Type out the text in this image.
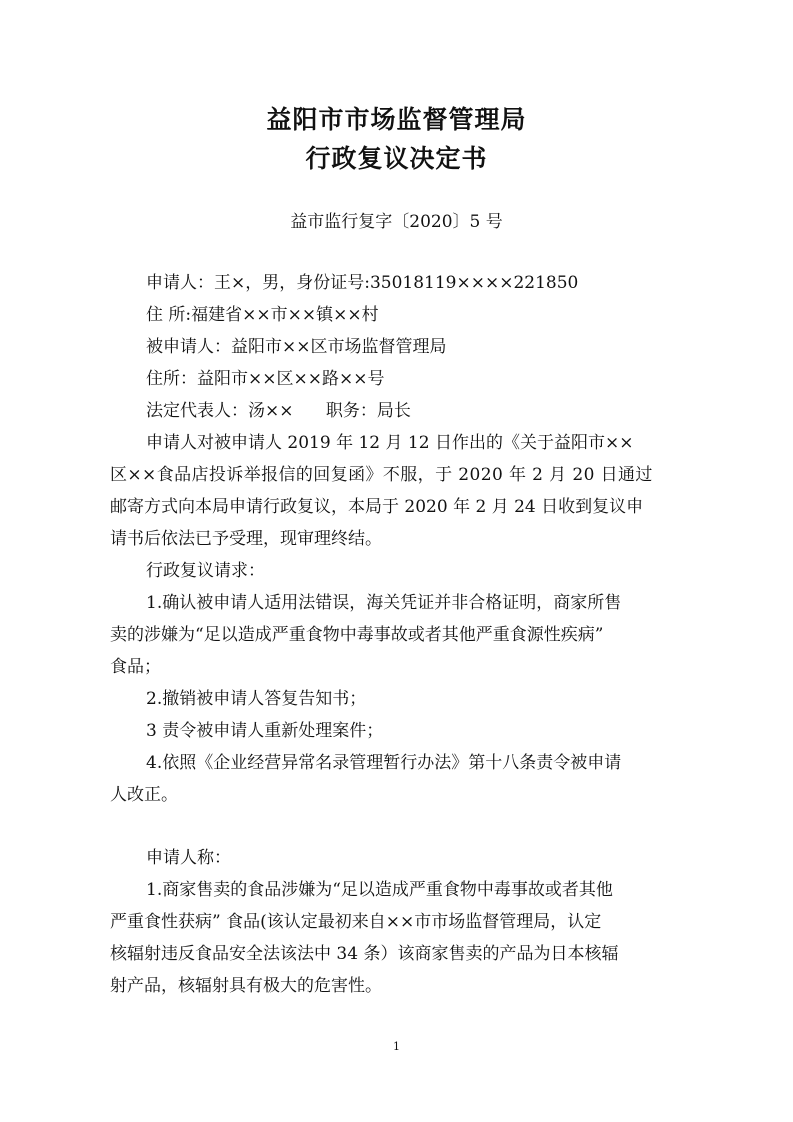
益阳市市场监督管理局
行政复议决定书
益市监行复字〔2020〕5 号
申请人：王×，男，身份证号:35018119××××221850
住 所:福建省××市××镇××村
被申请人：益阳市××区市场监督管理局
住所：益阳市××区××路××号
法定代表人：汤××      职务：局长
申请人对被申请人 2019 年 12 月 12 日作出的《关于益阳市××
区××食品店投诉举报信的回复函》不服，于 2020 年 2 月 20 日通过
邮寄方式向本局申请行政复议，本局于 2020 年 2 月 24 日收到复议申
请书后依法已予受理，现审理终结。
行政复议请求：
1.确认被申请人适用法错误，海关凭证并非合格证明，商家所售
卖的涉嫌为“足以造成严重食物中毒事故或者其他严重食源性疾病”
食品；
2.撤销被申请人答复告知书；
3 责令被申请人重新处理案件；
4.依照《企业经营异常名录管理暂行办法》第十八条责令被申请
人改正。
申请人称：
1.商家售卖的食品涉嫌为“足以造成严重食物中毒事故或者其他
严重食性获病” 食品(该认定最初来自××市市场监督管理局，认定
核辐射违反食品安全法该法中 34 条）该商家售卖的产品为日本核辐
射产品，核辐射具有极大的危害性。
1
